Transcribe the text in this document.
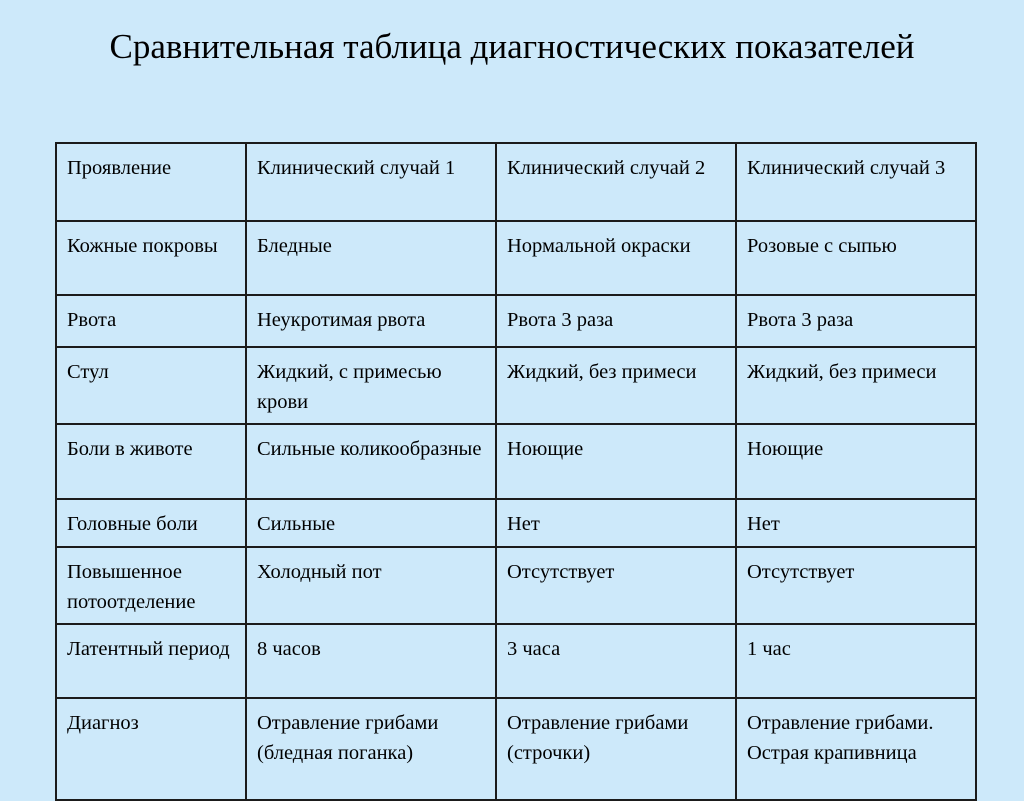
Сравнительная таблица диагностических показателей
Проявление	Клинический случай 1	Клинический случай 2	Клинический случай 3
Кожные покровы	Бледные	Нормальной окраски	Розовые с сыпью
Рвота	Неукротимая рвота	Рвота 3 раза	Рвота 3 раза
Стул	Жидкий, с примесью крови	Жидкий, без примеси	Жидкий, без примеси
Боли в животе	Сильные коликообразные	Ноющие	Ноющие
Головные боли	Сильные	Нет	Нет
Повышенное потоотделение	Холодный пот	Отсутствует	Отсутствует
Латентный период	8 часов	3 часа	1 час
Диагноз	Отравление грибами (бледная поганка)	Отравление грибами (строчки)	Отравление грибами. Острая крапивница
